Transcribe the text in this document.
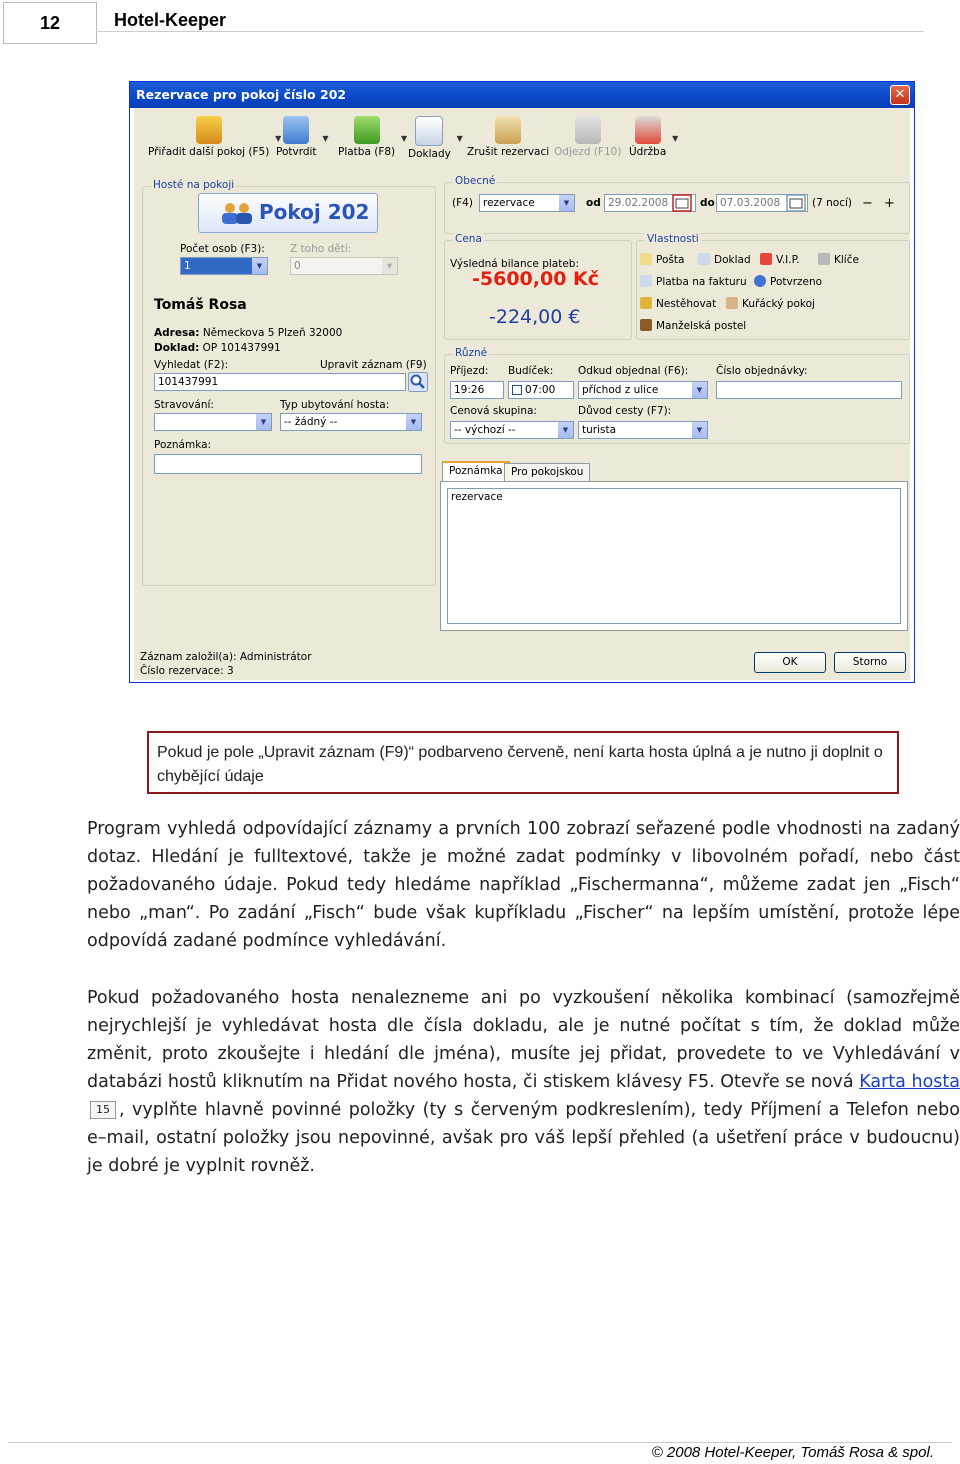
12	Hotel-Keeper
Rezervace pro pokoj číslo 202	✕
Přiřadit další pokoj (F5)
▼
Potvrdit
▼
Platba (F8)
▼
Doklady
▼
Zrušit rezervaci Odjezd (F10) Údržba
▼
Hosté na pokoji
Pokoj 202
Počet osob (F3):
1	▼
Z toho dětí:
0	▼
Tomáš Rosa
Adresa: Německova 5 Plzeň 32000
Doklad: OP 101437991
Vyhledat (F2):	Upravit záznam (F9)
101437991
Stravování:
▼
Typ ubytování hosta:
-- žádný --	▼
Poznámka:
Obecné
(F4) rezervace	▼	od 29.02.2008	do 07.03.2008	(7 nocí) − +
Cena
Výsledná bilance plateb:
-5600,00 Kč
-224,00 €
Vlastnosti
Pošta	Doklad	V.I.P.	Klíče
Platba na fakturu	Potvrzeno
Nestěhovat	Kuřácký pokoj
Manželská postel
Různé
Příjezd:
19:26
Budíček:
07:00
Odkud objednal (F6):
příchod z ulice	▼
Číslo objednávky:
Cenová skupina:
-- výchozí --	▼
Důvod cesty (F7):
turista	▼
Poznámka Pro pokojskou
rezervace
Záznam založil(a): Administrátor
Číslo rezervace: 3
OK	Storno
Pokud je pole „Upravit záznam (F9)“ podbarveno červeně, není karta hosta úplná a je nutno ji doplnit o chybějící údaje

Program vyhledá odpovídající záznamy a prvních 100 zobrazí seřazené podle vhodnosti na zadaný dotaz. Hledání je fulltextové, takže je možné zadat podmínky v libovolném pořadí, nebo část požadovaného údaje. Pokud tedy hledáme například „Fischermanna“, můžeme zadat jen „Fisch“ nebo „man“. Po zadání „Fisch“ bude však kupříkladu „Fischer“ na lepším umístění, protože lépe odpovídá zadané podmínce vyhledávání.

Pokud požadovaného hosta nenalezneme ani po vyzkoušení několika kombinací (samozřejmě nejrychlejší je vyhledávat hosta dle čísla dokladu, ale je nutné počítat s tím, že doklad může změnit, proto zkoušejte i hledání dle jména), musíte jej přidat, provedete to ve Vyhledávání v databázi hostů kliknutím na Přidat nového hosta, či stiskem klávesy F5. Otevře se nová Karta hosta15 , vyplňte hlavně povinné položky (ty s červeným podkreslením), tedy Příjmení a Telefon nebo e–mail, ostatní položky jsou nepovinné, avšak pro váš lepší přehled (a ušetření práce v budoucnu) je dobré je vyplnit rovněž.

© 2008 Hotel-Keeper, Tomáš Rosa & spol.
